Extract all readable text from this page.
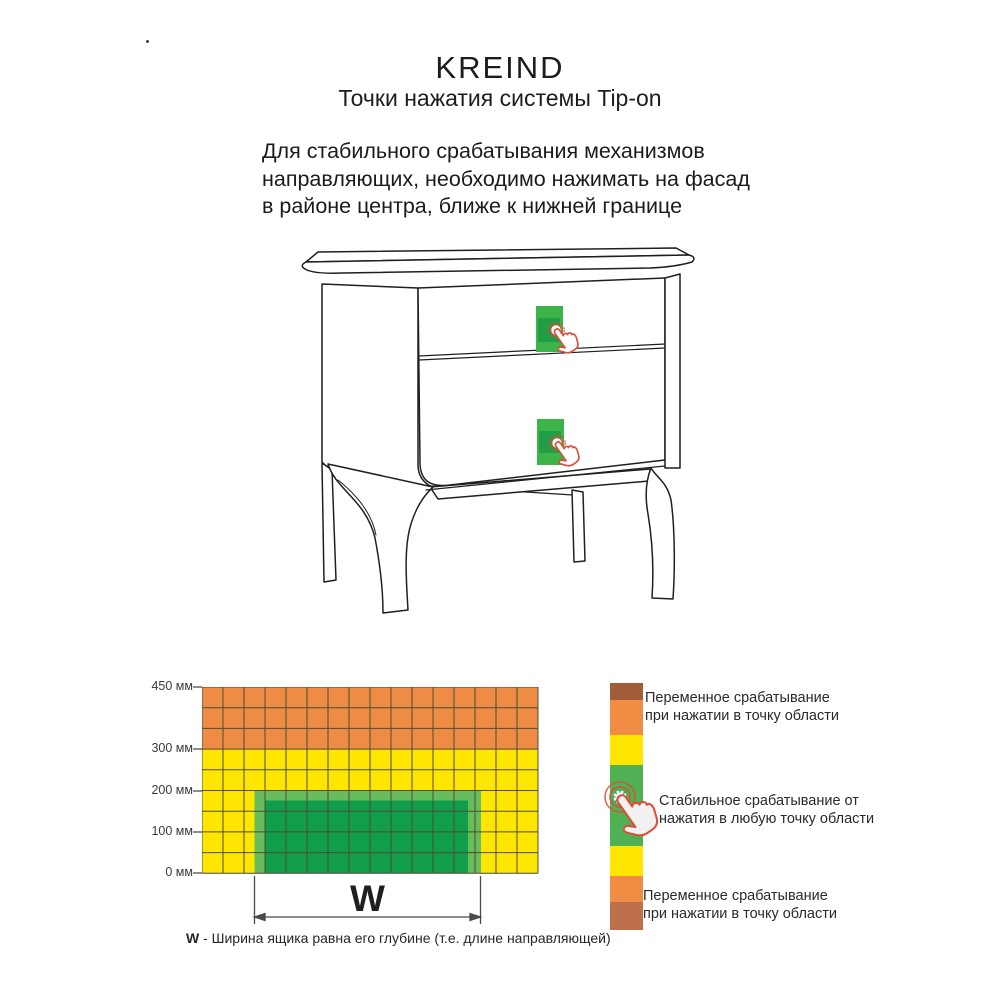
KREIND
Точки нажатия системы Tip-on
Для стабильного срабатывания механизмов
направляющих, необходимо нажимать на фасад
в районе центра, ближе к нижней границе
W
W - Ширина ящика равна его глубине (т.е. длине направляющей)
Переменное срабатывание
при нажатии в точку области
Стабильное срабатывание от
нажатия в любую точку области
Переменное срабатывание
при нажатии в точку области
450 мм
300 мм
200 мм
100 мм
0 мм
